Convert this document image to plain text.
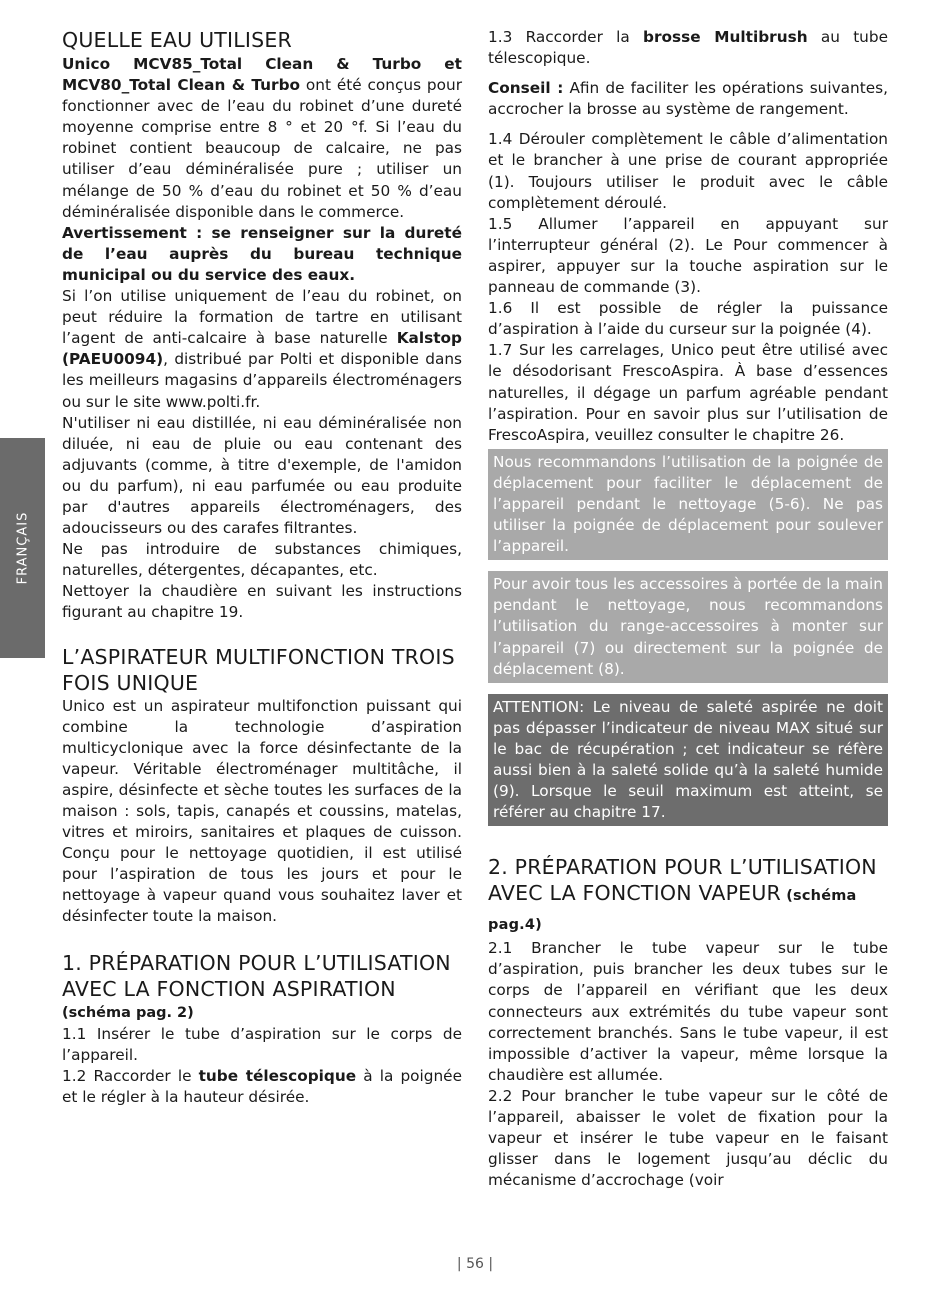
FRANÇAIS
QUELLE EAU UTILISER

Unico MCV85_Total Clean & Turbo et MCV80_Total Clean & Turbo ont été conçus pour fonctionner avec de l’eau du robinet d’une dureté moyenne comprise entre 8 ° et 20 °f. Si l’eau du robinet contient beaucoup de calcaire, ne pas utiliser d’eau déminéralisée pure ; utiliser un mélange de 50 % d’eau du robinet et 50 % d’eau déminéralisée disponible dans le commerce.

Avertissement : se renseigner sur la dureté de l’eau auprès du bureau technique municipal ou du service des eaux.

Si l’on utilise uniquement de l’eau du robinet, on peut réduire la formation de tartre en utilisant l’agent de anti-calcaire à base naturelle Kalstop (PAEU0094), distribué par Polti et disponible dans les meilleurs magasins d’appareils électroménagers ou sur le site www.polti.fr.

N'utiliser ni eau distillée, ni eau déminéralisée non diluée, ni eau de pluie ou eau contenant des adjuvants (comme, à titre d'exemple, de l'amidon ou du parfum), ni eau parfumée ou eau produite par d'autres appareils électroménagers, des adoucisseurs ou des carafes filtrantes.

Ne pas introduire de substances chimiques, naturelles, détergentes, décapantes, etc.

Nettoyer la chaudière en suivant les instructions figurant au chapitre 19.

L’ASPIRATEUR MULTIFONCTION TROIS FOIS UNIQUE

Unico est un aspirateur multifonction puissant qui combine la technologie d’aspiration multicyclonique avec la force désinfectante de la vapeur. Véritable électroménager multitâche, il aspire, désinfecte et sèche toutes les surfaces de la maison : sols, tapis, canapés et coussins, matelas, vitres et miroirs, sanitaires et plaques de cuisson. Conçu pour le nettoyage quotidien, il est utilisé pour l’aspiration de tous les jours et pour le nettoyage à vapeur quand vous souhaitez laver et désinfecter toute la maison.

1. PRÉPARATION POUR L’UTILISATION AVEC LA FONCTION ASPIRATION

(schéma pag. 2)

1.1 Insérer le tube d’aspiration sur le corps de l’appareil.

1.2 Raccorder le tube télescopique à la poignée et le régler à la hauteur désirée.

1.3 Raccorder la brosse Multibrush au tube télescopique.

Conseil : Afin de faciliter les opérations suivantes, accrocher la brosse au système de rangement.

1.4 Dérouler complètement le câble d’alimentation et le brancher à une prise de courant appropriée (1). Toujours utiliser le produit avec le câble complètement déroulé.

1.5 Allumer l’appareil en appuyant sur l’interrupteur général (2). Le Pour commencer à aspirer, appuyer sur la touche aspiration sur le panneau de commande (3).

1.6 Il est possible de régler la puissance d’aspiration à l’aide du curseur sur la poignée (4).

1.7 Sur les carrelages, Unico peut être utilisé avec le désodorisant FrescoAspira. À base d’essences naturelles, il dégage un parfum agréable pendant l’aspiration. Pour en savoir plus sur l’utilisation de FrescoAspira, veuillez consulter le chapitre 26.

Nous recommandons l’utilisation de la poignée de déplacement pour faciliter le déplacement de l’appareil pendant le nettoyage (5-6). Ne pas utiliser la poignée de déplacement pour soulever l’appareil.
Pour avoir tous les accessoires à portée de la main pendant le nettoyage, nous recommandons l’utilisation du range-accessoires à monter sur l’appareil (7) ou directement sur la poignée de déplacement (8).
ATTENTION: Le niveau de saleté aspirée ne doit pas dépasser l’indicateur de niveau MAX situé sur le bac de récupération ; cet indicateur se réfère aussi bien à la saleté solide qu’à la saleté humide (9). Lorsque le seuil maximum est atteint, se référer au chapitre 17.
2. PRÉPARATION POUR L’UTILISATION AVEC LA FONCTION VAPEUR (schéma pag.4)

2.1 Brancher le tube vapeur sur le tube d’aspiration, puis brancher les deux tubes sur le corps de l’appareil en vérifiant que les deux connecteurs aux extrémités du tube vapeur sont correctement branchés. Sans le tube vapeur, il est impossible d’activer la vapeur, même lorsque la chaudière est allumée.

2.2 Pour brancher le tube vapeur sur le côté de l’appareil, abaisser le volet de fixation pour la vapeur et insérer le tube vapeur en le faisant glisser dans le logement jusqu’au déclic du mécanisme d’accrochage (voir

| 56 |
